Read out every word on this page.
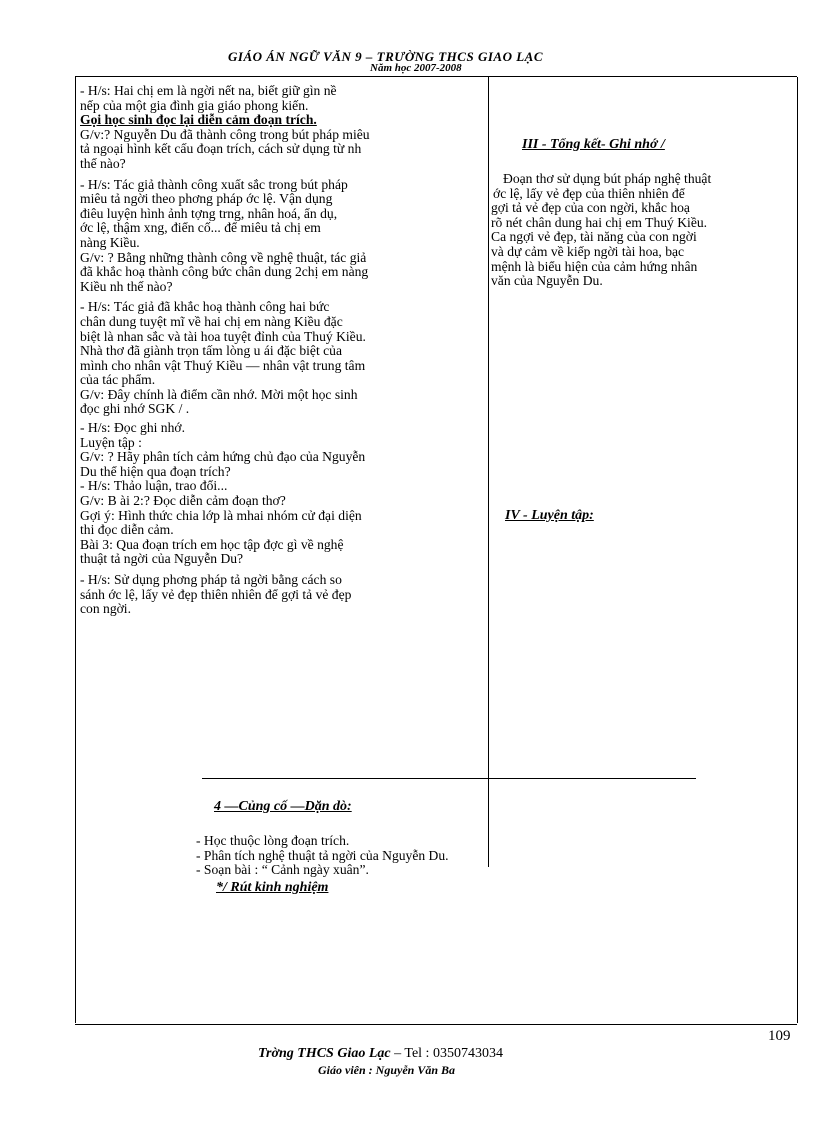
GIÁO ÁN NGỮ VĂN 9 – TRƯỜNG THCS GIAO LẠC
Năm học 2007-2008

- H/s: Hai chị em là ngời nết na, biết giữ gìn nề

nếp của một gia đình gia giáo phong kiến.

Gọi học sinh đọc lại diễn cảm đoạn trích.

G/v:? Nguyễn Du đã thành công trong bút pháp miêu

tả ngoại hình kết cấu đoạn trích, cách sử dụng từ nh

thế nào?

- H/s: Tác giả thành công xuất sắc trong bút pháp

miêu tả ngời theo phơng pháp ớc lệ. Vận dụng

điêu luyện hình ảnh tợng trng, nhân hoá, ẩn dụ,

ớc lệ, thậm xng, điển cố... để miêu tả chị em

nàng Kiều.

G/v: ? Bằng những thành công về nghệ thuật, tác giả

đã khắc hoạ thành công bức chân dung 2chị em nàng

Kiều nh thế nào?

- H/s: Tác giả đã khắc hoạ thành công hai bức

chân dung tuyệt mĩ về hai chị em nàng Kiều đặc

biệt là nhan sắc và tài hoa tuyệt đỉnh của Thuý Kiều.

Nhà thơ đã giành trọn tấm lòng u ái đặc biệt của

mình cho nhân vật Thuý Kiều — nhân vật trung tâm

của tác phẩm.

G/v: Đây chính là điểm cần nhớ. Mời một học sinh

đọc ghi nhớ SGK / .

- H/s: Đọc ghi nhớ.

Luyện tập :

G/v: ? Hãy phân tích cảm hứng chủ đạo của Nguyễn

Du thể hiện qua đoạn trích?

- H/s: Thảo luận, trao đổi...

G/v: B ài 2:? Đọc diễn cảm đoạn thơ?

Gợi ý: Hình thức chia lớp là mhai nhóm cử đại diện

thi đọc diễn cảm.

Bài 3: Qua đoạn trích em học tập đợc gì về nghệ

thuật tả ngời của Nguyễn Du?

- H/s: Sử dụng phơng pháp tả ngời bằng cách so

sánh ớc lệ, lấy vẻ đẹp thiên nhiên để gợi tả vẻ đẹp

con ngời.

III - Tổng kết- Ghi nhớ /

Đoạn thơ sử dụng bút pháp nghệ thuật

ớc lệ, lấy vẻ đẹp của thiên nhiên để

gợi tả vẻ đẹp của con ngời, khắc hoạ

rõ nét chân dung hai chị em Thuý Kiều.

Ca ngợi vẻ đẹp, tài năng của con ngời

và dự cảm về kiếp ngời tài hoa, bạc

mệnh là biểu hiện của cảm hứng nhân

văn của Nguyễn Du.

IV - Luyện tập:
4 —Củng cố —Dặn dò:

- Học thuộc lòng đoạn trích.

- Phân tích nghệ thuật tả ngời của Nguyễn Du.

- Soạn bài : “ Cảnh ngày xuân”.

*/ Rút kinh nghiệm
109
Trờng THCS Giao Lạc – Tel : 0350743034
Giáo viên : Nguyễn Văn Ba
